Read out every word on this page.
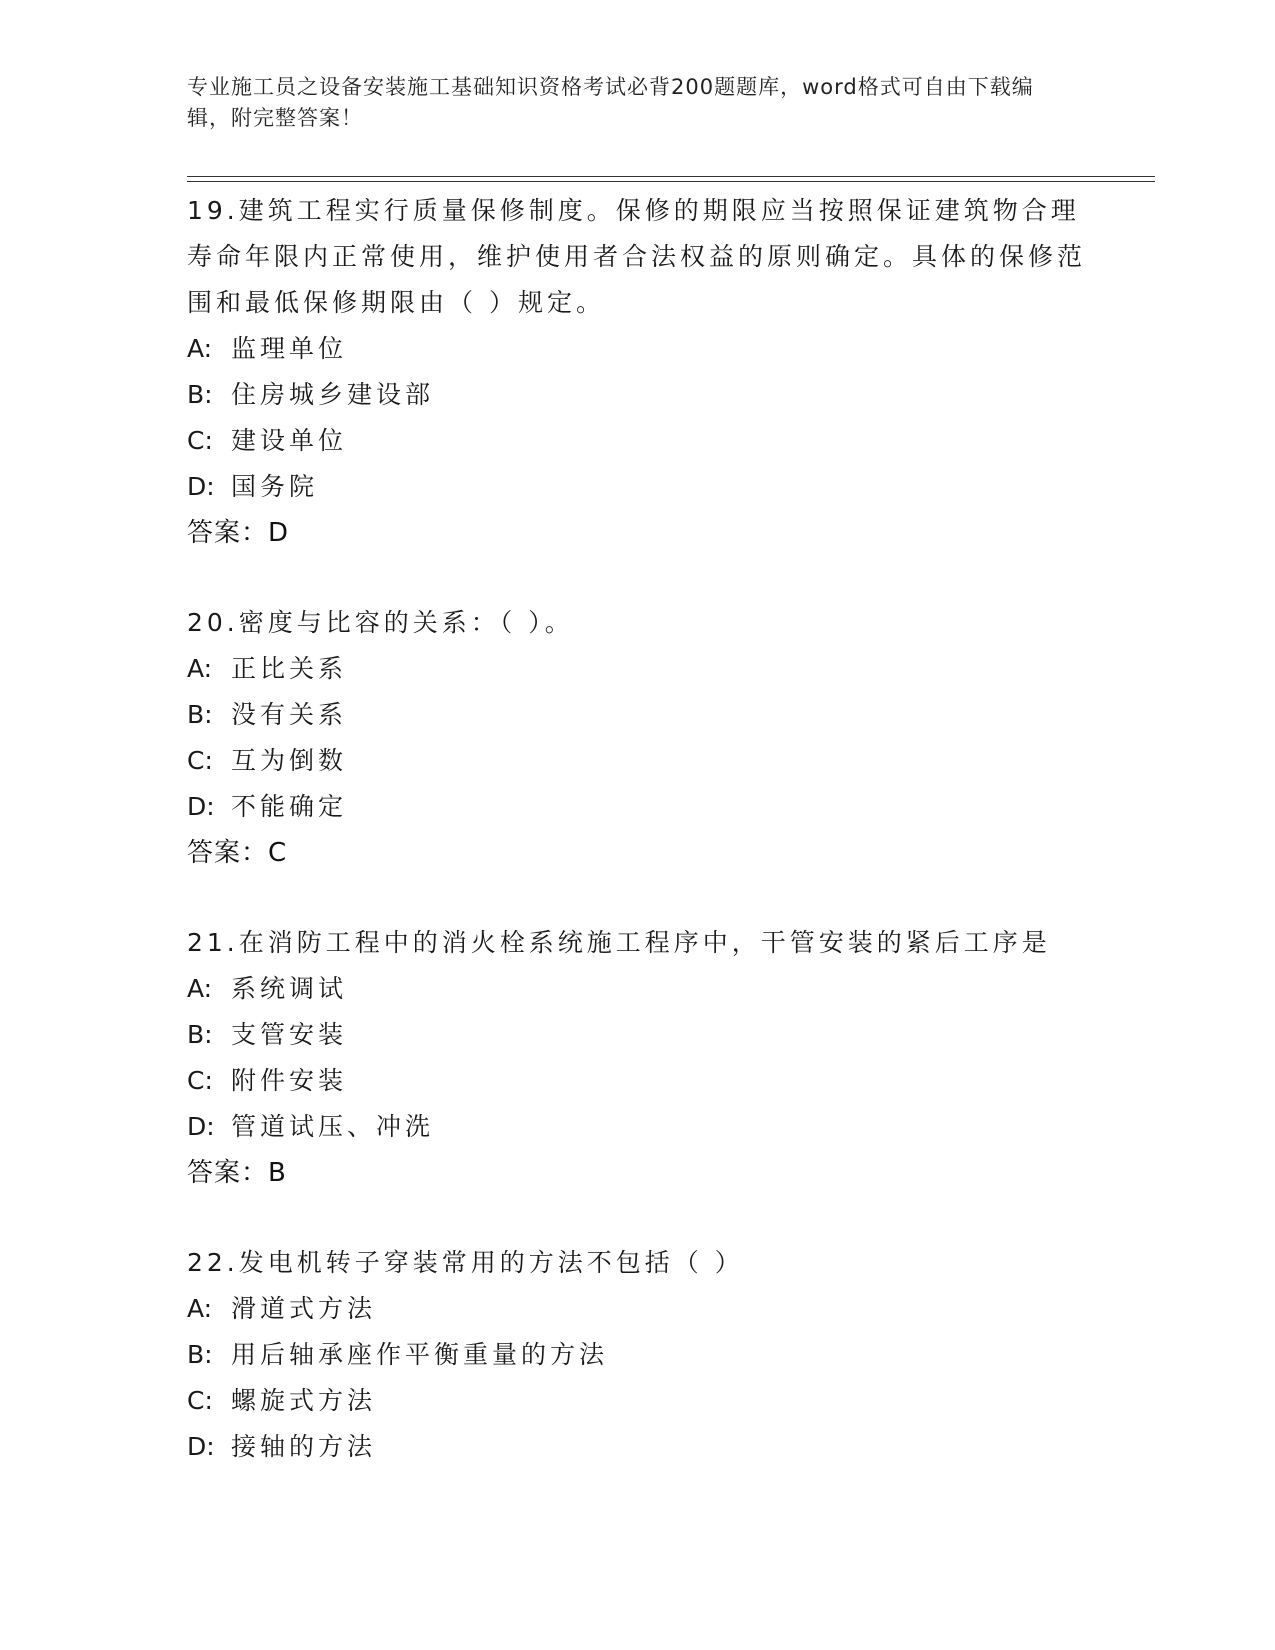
专业施工员之设备安装施工基础知识资格考试必背200题题库，word格式可自由下载编辑，附完整答案！

19.建筑工程实行质量保修制度。保修的期限应当按照保证建筑物合理寿命年限内正常使用，维护使用者合法权益的原则确定。具体的保修范围和最低保修期限由（ ）规定。

A: 监理单位
B: 住房城乡建设部
C: 建设单位
D: 国务院

答案：D

20.密度与比容的关系：（ ）。

A: 正比关系
B: 没有关系
C: 互为倒数
D: 不能确定

答案：C

21.在消防工程中的消火栓系统施工程序中，干管安装的紧后工序是

A: 系统调试
B: 支管安装
C: 附件安装
D: 管道试压、冲洗

答案：B

22.发电机转子穿装常用的方法不包括（ ）

A: 滑道式方法
B: 用后轴承座作平衡重量的方法
C: 螺旋式方法
D: 接轴的方法
